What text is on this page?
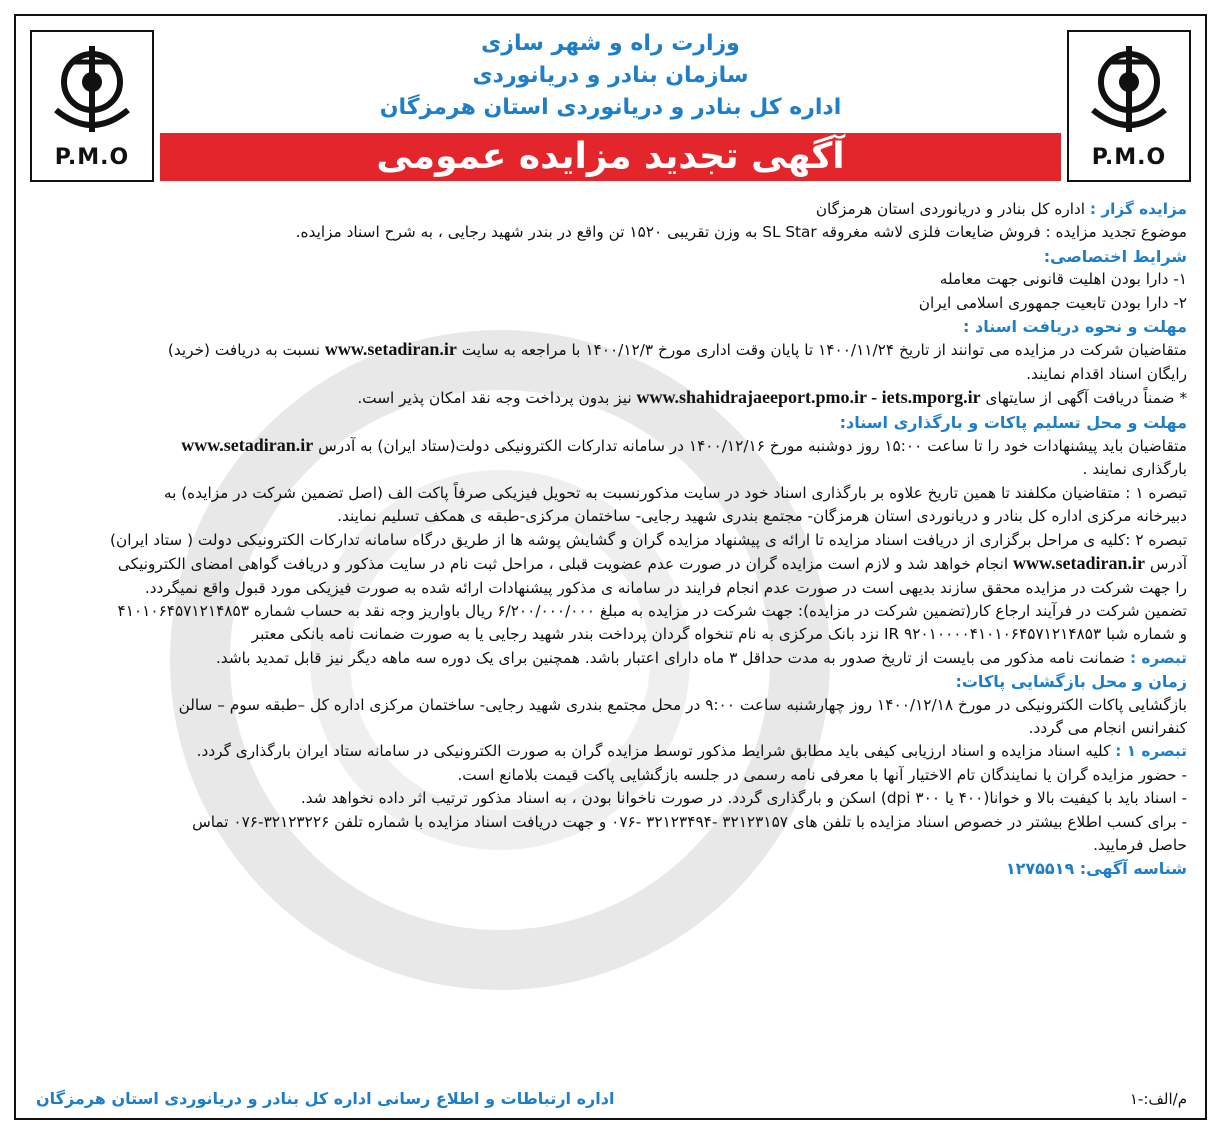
P.M.O	P.M.O
وزارت راه و شهر سازی
سازمان بنادر و دریانوردی
اداره کل بنادر و دریانوردی استان هرمزگان
آگهی تجدید مزایده عمومی

مزایده گزار : اداره کل بنادر و دریانوردی استان هرمزگان

موضوع تجدید مزایده : فروش ضایعات فلزی لاشه مغروقه SL Star به وزن تقریبی ۱۵۲۰ تن واقع در بندر شهید رجایی ، به شرح اسناد مزایده.

شرایط اختصاصی:

۱- دارا بودن اهلیت قانونی جهت معامله

۲- دارا بودن تابعیت جمهوری اسلامی ایران

مهلت و نحوه دریافت اسناد :

متقاضیان شرکت در مزایده می توانند از تاریخ ۱۴۰۰/۱۱/۲۴ تا پایان وقت اداری مورخ ۱۴۰۰/۱۲/۳ با مراجعه به سایت www.setadiran.ir نسبت به دریافت (خرید)

رایگان اسناد اقدام نمایند.

* ضمناً دریافت آگهی از سایتهای www.shahidrajaeeport.pmo.ir - iets.mporg.ir نیز بدون پرداخت وجه نقد امکان پذیر است.

مهلت و محل تسلیم پاکات و بارگذاری اسناد:

متقاضیان باید پیشنهادات خود را تا ساعت ۱۵:۰۰ روز دوشنبه مورخ ۱۴۰۰/۱۲/۱۶ در سامانه تدارکات الکترونیکی دولت(ستاد ایران) به آدرس www.setadiran.ir

بارگذاری نمایند .

تبصره ۱ : متقاضیان مکلفند تا همین تاریخ علاوه بر بارگذاری اسناد خود در سایت مذکورنسبت به تحویل فیزیکی صرفاً پاکت الف (اصل تضمین شرکت در مزایده) به

دبیرخانه مرکزی اداره کل بنادر و دریانوردی استان هرمزگان- مجتمع بندری شهید رجایی- ساختمان مرکزی-طبقه ی همکف تسلیم نمایند.

تبصره ۲ :کلیه ی مراحل برگزاری از دریافت اسناد مزایده تا ارائه ی پیشنهاد مزایده گران و گشایش پوشه ها از طریق درگاه سامانه تدارکات الکترونیکی دولت ( ستاد ایران)

آدرس www.setadiran.ir انجام خواهد شد و لازم است مزایده گران در صورت عدم عضویت قبلی ، مراحل ثبت نام در سایت مذکور و دریافت گواهی امضای الکترونیکی

را جهت شرکت در مزایده محقق سازند بدیهی است در صورت عدم انجام فرایند در سامانه ی مذکور پیشنهادات ارائه شده به صورت فیزیکی مورد قبول واقع نمیگردد.

تضمین شرکت در فرآیند ارجاع کار(تضمین شرکت در مزایده): جهت شرکت در مزایده به مبلغ ۶/۲۰۰/۰۰۰/۰۰۰ ریال باواریز وجه نقد به حساب شماره ۴۱۰۱۰۶۴۵۷۱۲۱۴۸۵۳

و شماره شبا IR ۹۲۰۱۰۰۰۰۴۱۰۱۰۶۴۵۷۱۲۱۴۸۵۳ نزد بانک مرکزی به نام تنخواه گردان پرداخت بندر شهید رجایی یا به صورت ضمانت نامه بانکی معتبر

تبصره : ضمانت نامه مذکور می بایست از تاریخ صدور به مدت حداقل ۳ ماه دارای اعتبار باشد. همچنین برای یک دوره سه ماهه دیگر نیز قابل تمدید باشد.

زمان و محل بازگشایی پاکات:

بازگشایی پاکات الکترونیکی در مورخ ۱۴۰۰/۱۲/۱۸ روز چهارشنبه ساعت ۹:۰۰ در محل مجتمع بندری شهید رجایی- ساختمان مرکزی اداره کل –طبقه سوم – سالن

کنفرانس انجام می گردد.

تبصره ۱ : کلیه اسناد مزایده و اسناد ارزیابی کیفی باید مطابق شرایط مذکور توسط مزایده گران به صورت الکترونیکی در سامانه ستاد ایران بارگذاری گردد.

- حضور مزایده گران یا نمایندگان تام الاختیار آنها با معرفی نامه رسمی در جلسه بازگشایی پاکت قیمت بلامانع است.

- اسناد باید با کیفیت بالا و خوانا(۴۰۰ یا ۳۰۰ dpi) اسکن و بارگذاری گردد. در صورت ناخوانا بودن ، به اسناد مذکور ترتیب اثر داده نخواهد شد.

- برای کسب اطلاع بیشتر در خصوص اسناد مزایده با تلفن های ۳۲۱۲۳۱۵۷ -۳۲۱۲۳۴۹۴ -۰۷۶ و جهت دریافت اسناد مزایده با شماره تلفن ۳۲۱۲۳۲۲۶-۰۷۶ تماس

حاصل فرمایید.

شناسه آگهی: ۱۲۷۵۵۱۹

م/الف:-۱
اداره ارتباطات و اطلاع رسانی اداره کل بنادر و دریانوردی استان هرمزگان
